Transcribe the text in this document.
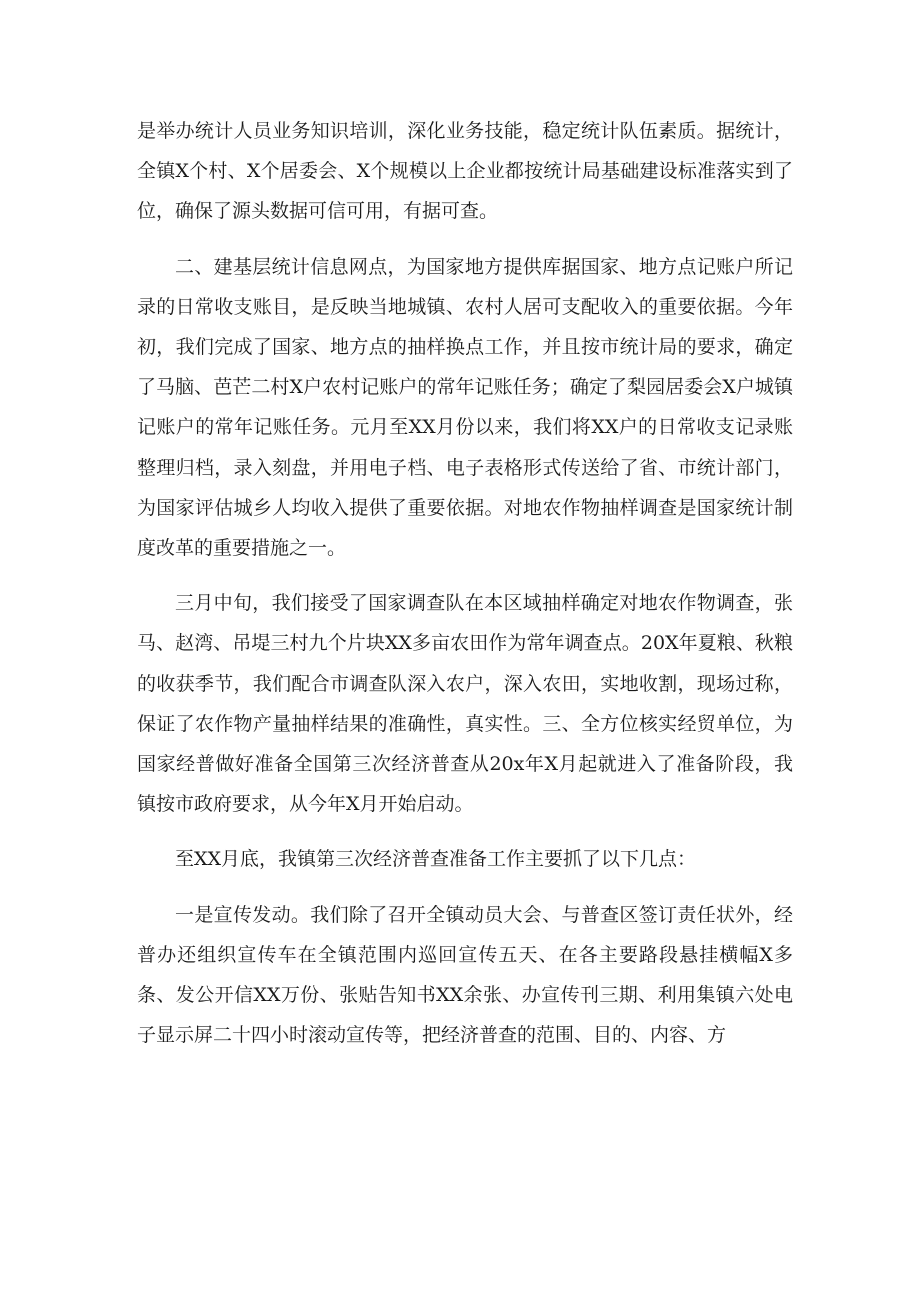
是举办统计人员业务知识培训，深化业务技能，稳定统计队伍素质。据统计，全镇X个村、X个居委会、X个规模以上企业都按统计局基础建设标准落实到了位，确保了源头数据可信可用，有据可查。

二、建基层统计信息网点，为国家地方提供库据国家、地方点记账户所记录的日常收支账目，是反映当地城镇、农村人居可支配收入的重要依据。今年初，我们完成了国家、地方点的抽样换点工作，并且按市统计局的要求，确定了马脑、芭芒二村X户农村记账户的常年记账任务；确定了梨园居委会X户城镇记账户的常年记账任务。元月至XX月份以来，我们将XX户的日常收支记录账整理归档，录入刻盘，并用电子档、电子表格形式传送给了省、市统计部门，为国家评估城乡人均收入提供了重要依据。对地农作物抽样调查是国家统计制度改革的重要措施之一。

三月中旬，我们接受了国家调查队在本区域抽样确定对地农作物调查，张马、赵湾、吊堤三村九个片块XX多亩农田作为常年调查点。20X年夏粮、秋粮的收获季节，我们配合市调查队深入农户，深入农田，实地收割，现场过称，保证了农作物产量抽样结果的准确性，真实性。三、全方位核实经贸单位，为国家经普做好准备全国第三次经济普查从20x年X月起就进入了准备阶段，我镇按市政府要求，从今年X月开始启动。

至XX月底，我镇第三次经济普查准备工作主要抓了以下几点：

一是宣传发动。我们除了召开全镇动员大会、与普查区签订责任状外，经普办还组织宣传车在全镇范围内巡回宣传五天、在各主要路段悬挂横幅X多条、发公开信XX万份、张贴告知书XX余张、办宣传刊三期、利用集镇六处电子显示屏二十四小时滚动宣传等，把经济普查的范围、目的、内容、方
